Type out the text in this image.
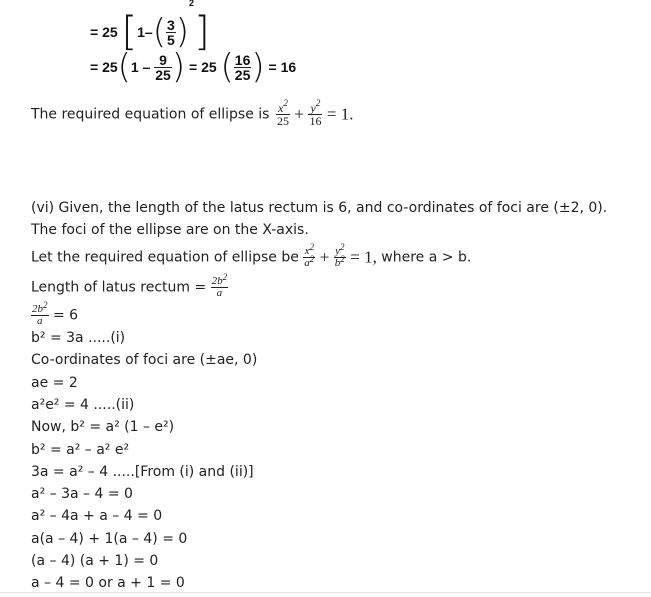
= 25 $[1-( \frac{3}{5} )^2]$
= $25(1 - \frac{9}{25}$ ) = 25 ( $\frac{16}{25}$ ) = 16
The required equation of ellipse is $\frac{x^2}{25} + \frac{y^2}{16} = 1$.
(vi) Given, the length of the latus rectum is 6, and co-ordinates of foci are (±2, 0).
The foci of the ellipse are on the X-axis.
Let the required equation of ellipse be $\frac{x^2}{a^2} + \frac{y^2}{b^2} = 1$, where a > b.
Length of latus rectum = $\frac{2b^2}{a}$
$\frac{2b^2}{a} = 6$
b² = 3a .....(i)
Co-ordinates of foci are (±ae, 0)
ae = 2
a²e² = 4 .....(ii)
Now, b² = a² (1 – e²)
b² = a² – a² e²
3a = a² – 4 .....[From (i) and (ii)]
a² – 3a – 4 = 0
a² – 4a + a – 4 = 0
a(a – 4) + 1(a – 4) = 0
(a – 4) (a + 1) = 0
a – 4 = 0 or a + 1 = 0
